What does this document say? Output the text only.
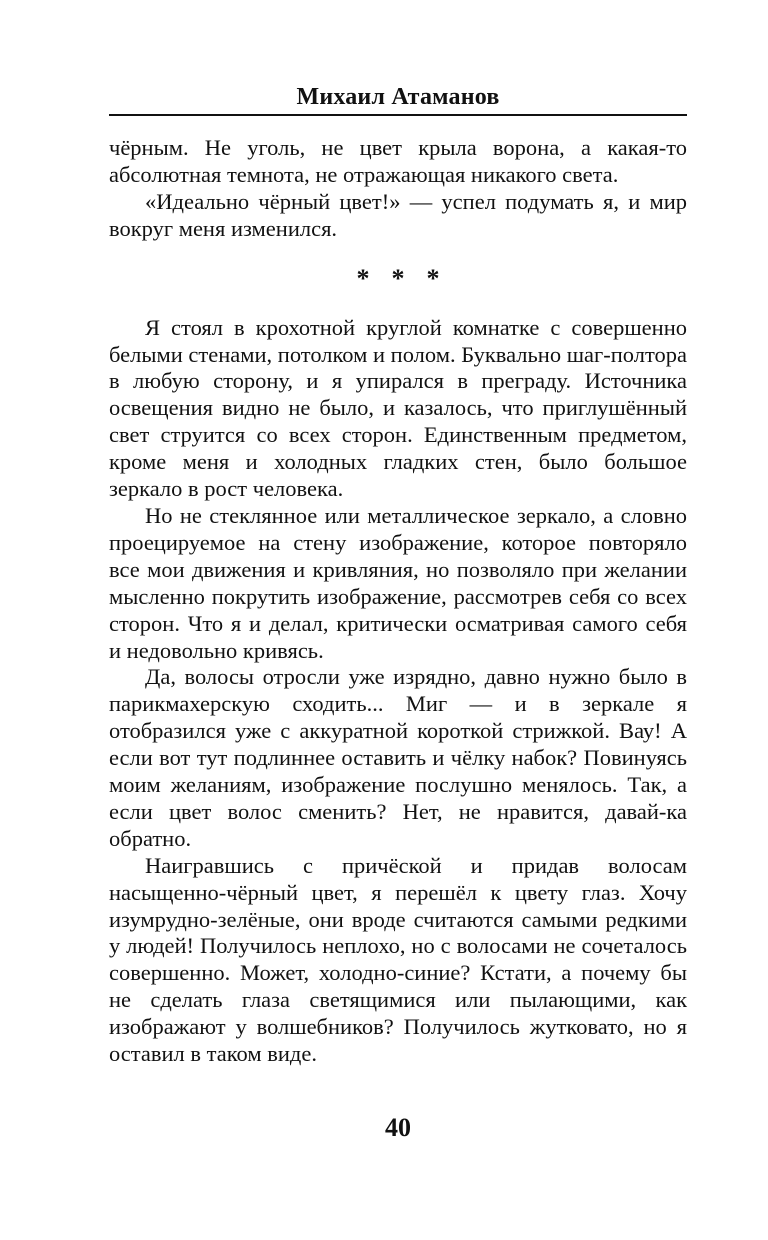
Михаил Атаманов

чёрным. Не уголь, не цвет крыла ворона, а какая-то абсолютная темнота, не отражающая никакого света.

«Идеально чёрный цвет!» — успел подумать я, и мир вокруг меня изменился.

* * *

Я стоял в крохотной круглой комнатке с совершенно белыми стенами, потолком и полом. Буквально шаг-полтора в любую сторону, и я упирался в преграду. Источника освещения видно не было, и казалось, что приглушённый свет струится со всех сторон. Единственным предметом, кроме меня и холодных гладких стен, было большое зеркало в рост человека.

Но не стеклянное или металлическое зеркало, а словно проецируемое на стену изображение, которое повторяло все мои движения и кривляния, но позволяло при желании мысленно покрутить изображение, рассмотрев себя со всех сторон. Что я и делал, критически осматривая самого себя и недовольно кривясь.

Да, волосы отросли уже изрядно, давно нужно было в парикмахерскую сходить... Миг — и в зеркале я отобразился уже с аккуратной короткой стрижкой. Вау! А если вот тут подлиннее оставить и чёлку набок? Повинуясь моим желаниям, изображение послушно менялось. Так, а если цвет волос сменить? Нет, не нравится, давай-ка обратно.

Наигравшись с причёской и придав волосам насыщенно-чёрный цвет, я перешёл к цвету глаз. Хочу изумрудно-зелёные, они вроде считаются самыми редкими у людей! Получилось неплохо, но с волосами не сочеталось совершенно. Может, холодно-синие? Кстати, а почему бы не сделать глаза светящимися или пылающими, как изображают у волшебников? Получилось жутковато, но я оставил в таком виде.

40
